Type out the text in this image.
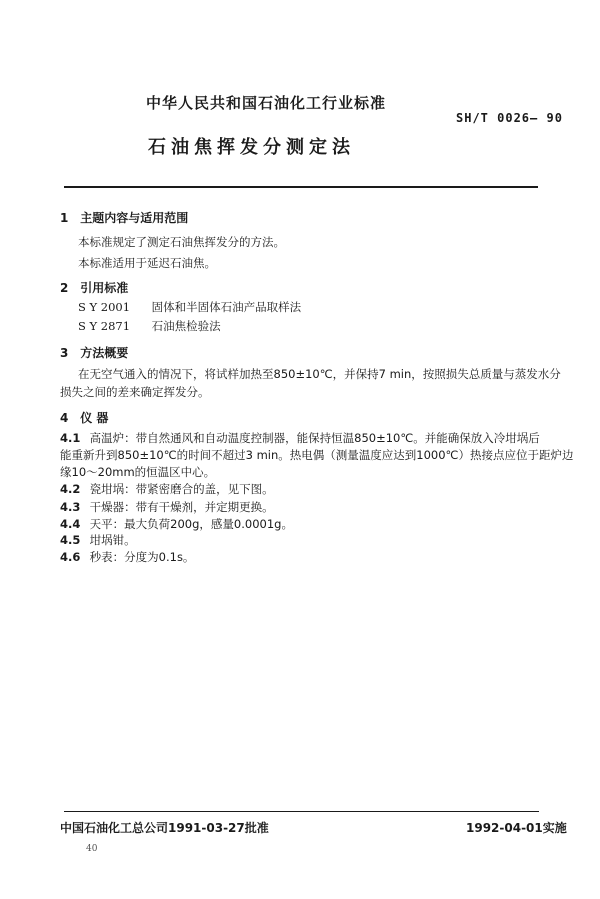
中华人民共和国石油化工行业标准
SH/T 0026— 90
石油焦挥发分测定法
1 主题内容与适用范围
本标准规定了测定石油焦挥发分的方法。
本标准适用于延迟石油焦。
2 引用标准
S Y 2001 固体和半固体石油产品取样法
S Y 2871 石油焦检验法
3 方法概要
在无空气通入的情况下，将试样加热至850±10℃，并保持7 min，按照损失总质量与蒸发水分
损失之间的差来确定挥发分。
4 仪 器
4.1 高温炉：带自然通风和自动温度控制器，能保持恒温850±10℃。并能确保放入冷坩埚后
能重新升到850±10℃的时间不超过3 min。热电偶（测量温度应达到1000℃）热接点应位于距炉边
缘10～20mm的恒温区中心。
4.2 瓷坩埚：带紧密磨合的盖，见下图。
4.3 干燥器：带有干燥剂，并定期更换。
4.4 天平：最大负荷200g，感量0.0001g。
4.5 坩埚钳。
4.6 秒表：分度为0.1s。
中国石油化工总公司1991-03-27批准	1992-04-01实施
40
